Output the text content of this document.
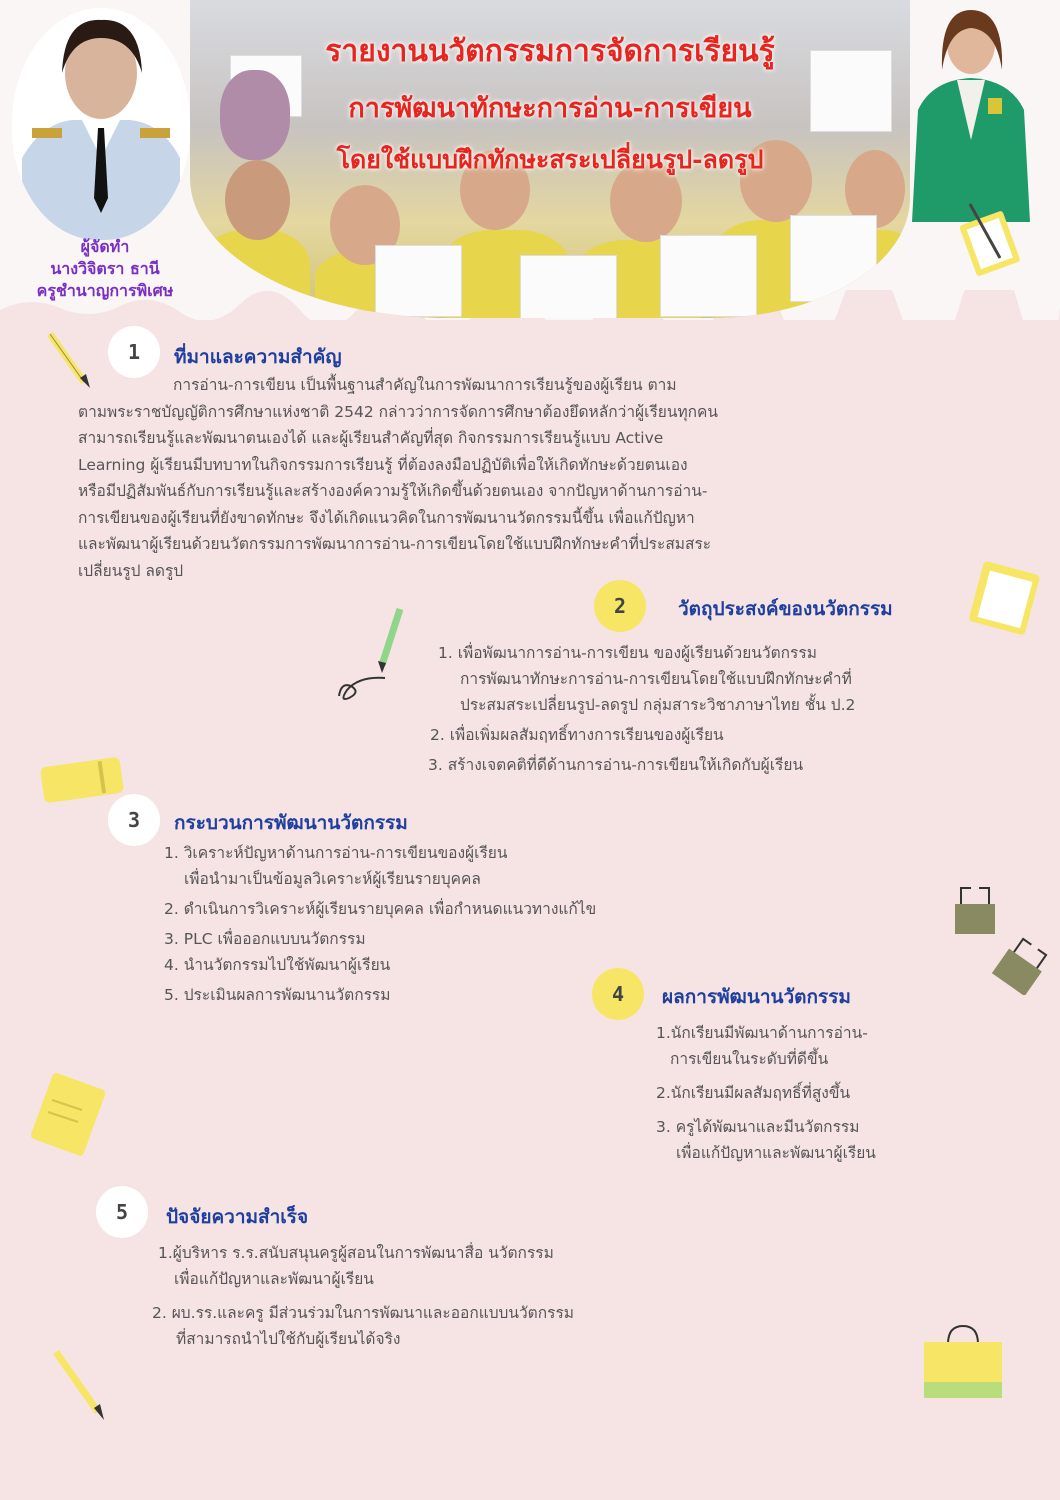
รายงานนวัตกรรมการจัดการเรียนรู้
การพัฒนาทักษะการอ่าน-การเขียน
โดยใช้แบบฝึกทักษะสระเปลี่ยนรูป-ลดรูป
ผู้จัดทำ
นางวิจิตรา ธานี
ครูชำนาญการพิเศษ
1	ที่มาและความสำคัญ
การอ่าน-การเขียน เป็นพื้นฐานสำคัญในการพัฒนาการเรียนรู้ของผู้เรียน ตาม
ตามพระราชบัญญัติการศึกษาแห่งชาติ 2542 กล่าวว่าการจัดการศึกษาต้องยึดหลักว่าผู้เรียนทุกคน
สามารถเรียนรู้และพัฒนาตนเองได้ และผู้เรียนสำคัญที่สุด กิจกรรมการเรียนรู้แบบ Active
Learning ผู้เรียนมีบทบาทในกิจกรรมการเรียนรู้ ที่ต้องลงมือปฏิบัติเพื่อให้เกิดทักษะด้วยตนเอง
หรือมีปฏิสัมพันธ์กับการเรียนรู้และสร้างองค์ความรู้ให้เกิดขึ้นด้วยตนเอง จากปัญหาด้านการอ่าน-
การเขียนของผู้เรียนที่ยังขาดทักษะ จึงได้เกิดแนวคิดในการพัฒนานวัตกรรมนี้ขึ้น เพื่อแก้ปัญหา
และพัฒนาผู้เรียนด้วยนวัตกรรมการพัฒนาการอ่าน-การเขียนโดยใช้แบบฝึกทักษะคำที่ประสมสระ
เปลี่ยนรูป ลดรูป
2	วัตถุประสงค์ของนวัตกรรม
1. เพื่อพัฒนาการอ่าน-การเขียน ของผู้เรียนด้วยนวัตกรรม
การพัฒนาทักษะการอ่าน-การเขียนโดยใช้แบบฝึกทักษะคำที่
ประสมสระเปลี่ยนรูป-ลดรูป กลุ่มสาระวิชาภาษาไทย ชั้น ป.2
2. เพื่อเพิ่มผลสัมฤทธิ์ทางการเรียนของผู้เรียน
3. สร้างเจตคติที่ดีด้านการอ่าน-การเขียนให้เกิดกับผู้เรียน
3	กระบวนการพัฒนานวัตกรรม
1. วิเคราะห์ปัญหาด้านการอ่าน-การเขียนของผู้เรียน
เพื่อนำมาเป็นข้อมูลวิเคราะห์ผู้เรียนรายบุคคล
2. ดำเนินการวิเคราะห์ผู้เรียนรายบุคคล เพื่อกำหนดแนวทางแก้ไข
3. PLC เพื่อออกแบบนวัตกรรม
4. นำนวัตกรรมไปใช้พัฒนาผู้เรียน
5. ประเมินผลการพัฒนานวัตกรรม	4	ผลการพัฒนานวัตกรรม
1.นักเรียนมีพัฒนาด้านการอ่าน-
การเขียนในระดับที่ดีขึ้น
2.นักเรียนมีผลสัมฤทธิ์ที่สูงขึ้น
3. ครูได้พัฒนาและมีนวัตกรรม
เพื่อแก้ปัญหาและพัฒนาผู้เรียน
5	ปัจจัยความสำเร็จ
1.ผู้บริหาร ร.ร.สนับสนุนครูผู้สอนในการพัฒนาสื่อ นวัตกรรม
เพื่อแก้ปัญหาและพัฒนาผู้เรียน
2. ผบ.รร.และครู มีส่วนร่วมในการพัฒนาและออกแบบนวัตกรรม
ที่สามารถนำไปใช้กับผู้เรียนได้จริง
